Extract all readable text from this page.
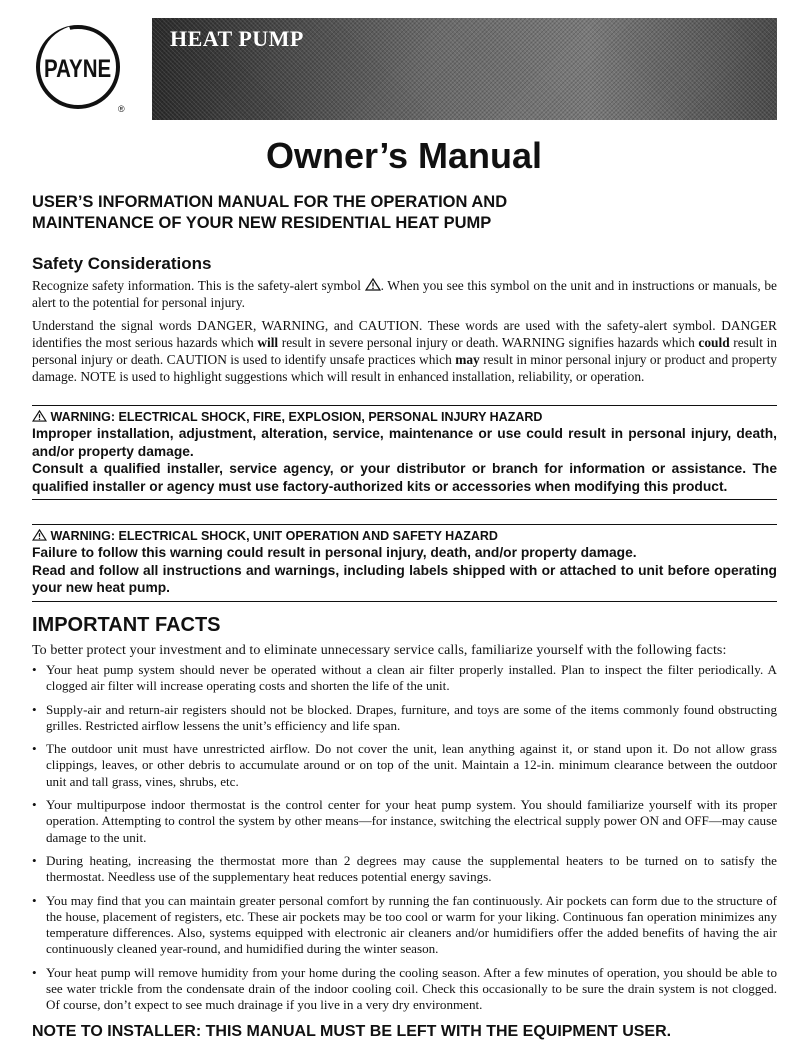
PAYNE
®
HEAT PUMP
Owner’s Manual
USER’S INFORMATION MANUAL FOR THE OPERATION AND
MAINTENANCE OF YOUR NEW RESIDENTIAL HEAT PUMP
Safety Considerations

Recognize safety information. This is the safety-alert symbol . When you see this symbol on the unit and in instructions or manuals, be alert to the potential for personal injury.

Understand the signal words DANGER, WARNING, and CAUTION. These words are used with the safety-alert symbol. DANGER identifies the most serious hazards which will result in severe personal injury or death. WARNING signifies hazards which could result in personal injury or death. CAUTION is used to identify unsafe practices which may result in minor personal injury or product and property damage. NOTE is used to highlight suggestions which will result in enhanced installation, reliability, or operation.

WARNING: ELECTRICAL SHOCK, FIRE, EXPLOSION, PERSONAL INJURY HAZARD

Improper installation, adjustment, alteration, service, maintenance or use could result in personal injury, death, and/or property damage.

Consult a qualified installer, service agency, or your distributor or branch for information or assistance. The qualified installer or agency must use factory-authorized kits or accessories when modifying this product.

WARNING: ELECTRICAL SHOCK, UNIT OPERATION AND SAFETY HAZARD

Failure to follow this warning could result in personal injury, death, and/or property damage.

Read and follow all instructions and warnings, including labels shipped with or attached to unit before operating your new heat pump.

IMPORTANT FACTS
To better protect your investment and to eliminate unnecessary service calls, familiarize yourself with the following facts:
• Your heat pump system should never be operated without a clean air filter properly installed. Plan to inspect the filter periodically. A clogged air filter will increase operating costs and shorten the life of the unit.
• Supply-air and return-air registers should not be blocked. Drapes, furniture, and toys are some of the items commonly found obstructing grilles. Restricted airflow lessens the unit’s efficiency and life span.
• The outdoor unit must have unrestricted airflow. Do not cover the unit, lean anything against it, or stand upon it. Do not allow grass clippings, leaves, or other debris to accumulate around or on top of the unit. Maintain a 12-in. minimum clearance between the outdoor unit and tall grass, vines, shrubs, etc.
• Your multipurpose indoor thermostat is the control center for your heat pump system. You should familiarize yourself with its proper operation. Attempting to control the system by other means—for instance, switching the electrical supply power ON and OFF—may cause damage to the unit.
• During heating, increasing the thermostat more than 2 degrees may cause the supplemental heaters to be turned on to satisfy the thermostat. Needless use of the supplementary heat reduces potential energy savings.
• You may find that you can maintain greater personal comfort by running the fan continuously. Air pockets can form due to the structure of the house, placement of registers, etc. These air pockets may be too cool or warm for your liking. Continuous fan operation minimizes any temperature differences. Also, systems equipped with electronic air cleaners and/or humidifiers offer the added benefits of having the air continuously cleaned year-round, and humidified during the winter season.
• Your heat pump will remove humidity from your home during the cooling season. After a few minutes of operation, you should be able to see water trickle from the condensate drain of the indoor cooling coil. Check this occasionally to be sure the drain system is not clogged. Of course, don’t expect to see much drainage if you live in a very dry environment.
NOTE TO INSTALLER: THIS MANUAL MUST BE LEFT WITH THE EQUIPMENT USER.
